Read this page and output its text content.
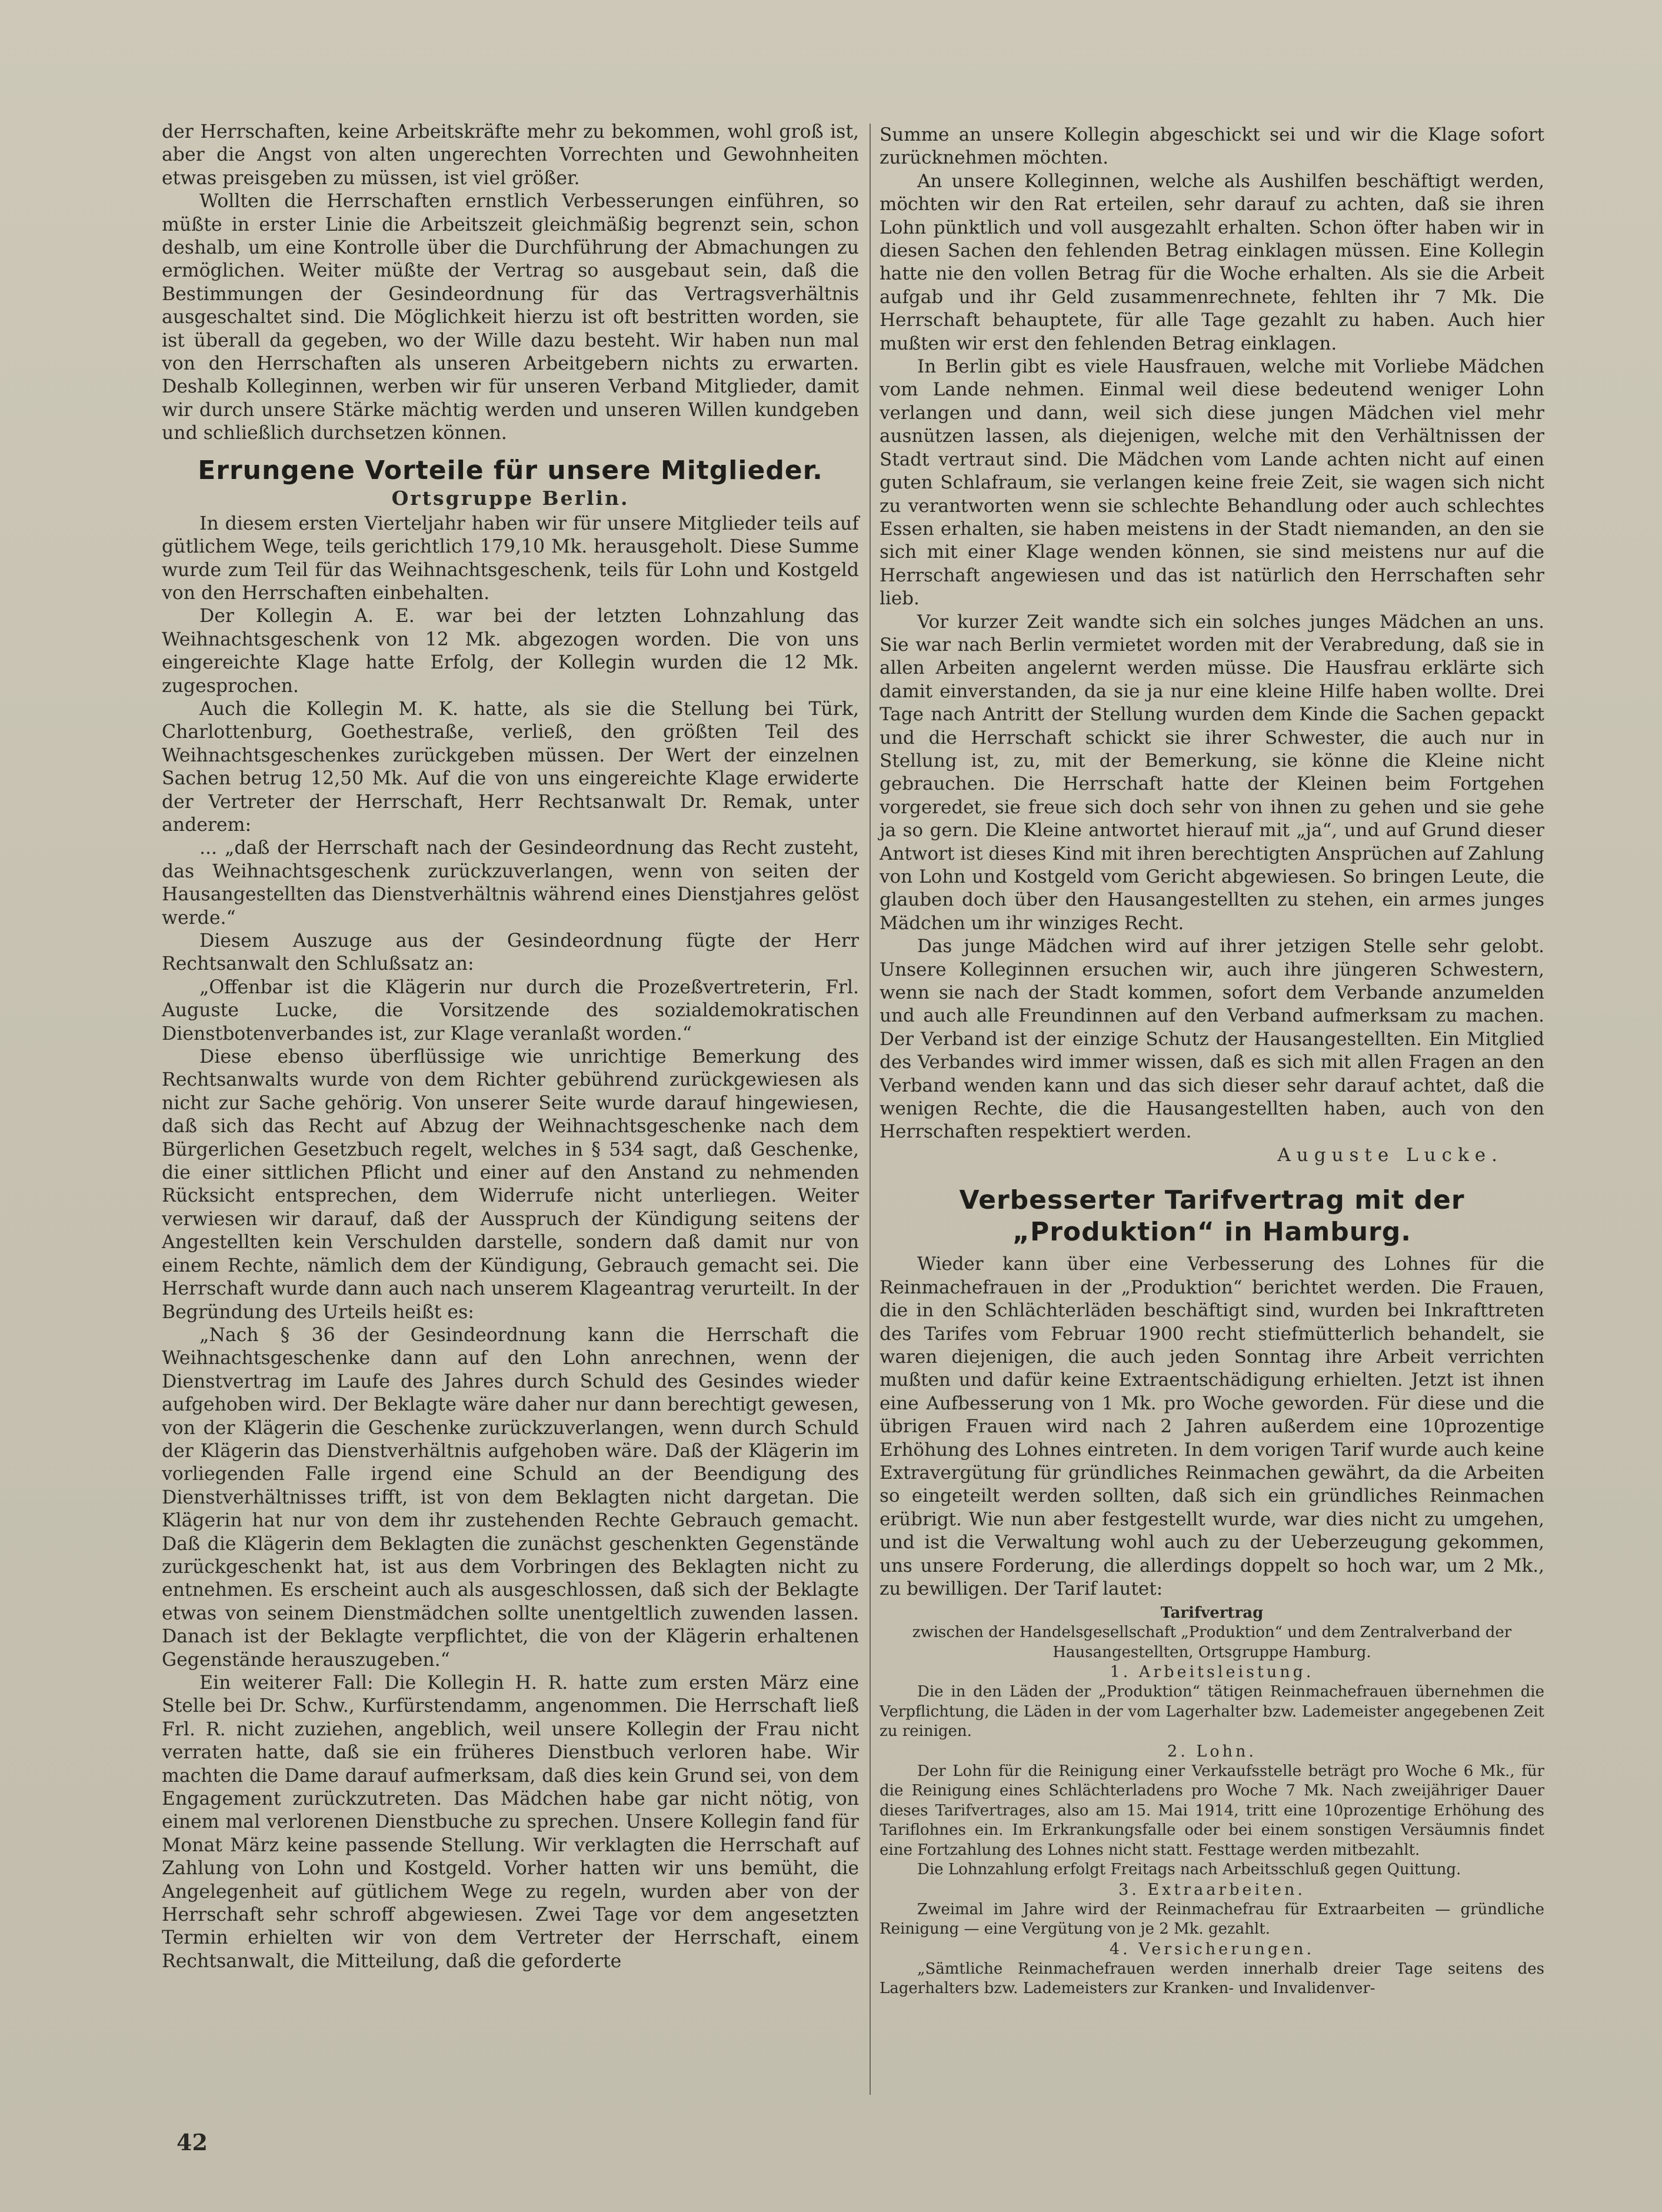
der Herrschaften, keine Arbeitskräfte mehr zu bekommen, wohl groß ist, aber die Angst von alten ungerechten Vorrechten und Gewohnheiten etwas preisgeben zu müssen, ist viel größer.

Wollten die Herrschaften ernstlich Verbesserungen einführen, so müßte in erster Linie die Arbeitszeit gleichmäßig begrenzt sein, schon deshalb, um eine Kontrolle über die Durchführung der Abmachungen zu ermöglichen. Weiter müßte der Vertrag so ausgebaut sein, daß die Bestimmungen der Gesindeordnung für das Vertragsverhältnis ausgeschaltet sind. Die Möglichkeit hierzu ist oft bestritten worden, sie ist überall da gegeben, wo der Wille dazu besteht. Wir haben nun mal von den Herrschaften als unseren Arbeitgebern nichts zu erwarten. Deshalb Kolleginnen, werben wir für unseren Verband Mitglieder, damit wir durch unsere Stärke mächtig werden und unseren Willen kundgeben und schließlich durchsetzen können.

Errungene Vorteile für unsere Mitglieder.
Ortsgruppe Berlin.

In diesem ersten Vierteljahr haben wir für unsere Mitglieder teils auf gütlichem Wege, teils gerichtlich 179,10 Mk. herausgeholt. Diese Summe wurde zum Teil für das Weihnachtsgeschenk, teils für Lohn und Kostgeld von den Herrschaften einbehalten.

Der Kollegin A. E. war bei der letzten Lohnzahlung das Weihnachtsgeschenk von 12 Mk. abgezogen worden. Die von uns eingereichte Klage hatte Erfolg, der Kollegin wurden die 12 Mk. zugesprochen.

Auch die Kollegin M. K. hatte, als sie die Stellung bei Türk, Charlottenburg, Goethestraße, verließ, den größten Teil des Weihnachtsgeschenkes zurückgeben müssen. Der Wert der einzelnen Sachen betrug 12,50 Mk. Auf die von uns eingereichte Klage erwiderte der Vertreter der Herrschaft, Herr Rechtsanwalt Dr. Remak, unter anderem:

... „daß der Herrschaft nach der Gesindeordnung das Recht zusteht, das Weihnachtsgeschenk zurückzuverlangen, wenn von seiten der Hausangestellten das Dienstverhältnis während eines Dienstjahres gelöst werde.“

Diesem Auszuge aus der Gesindeordnung fügte der Herr Rechtsanwalt den Schlußsatz an:

„Offenbar ist die Klägerin nur durch die Prozeßvertreterin, Frl. Auguste Lucke, die Vorsitzende des sozialdemokratischen Dienstbotenverbandes ist, zur Klage veranlaßt worden.“

Diese ebenso überflüssige wie unrichtige Bemerkung des Rechtsanwalts wurde von dem Richter gebührend zurückgewiesen als nicht zur Sache gehörig. Von unserer Seite wurde darauf hingewiesen, daß sich das Recht auf Abzug der Weihnachtsgeschenke nach dem Bürgerlichen Gesetzbuch regelt, welches in § 534 sagt, daß Geschenke, die einer sittlichen Pflicht und einer auf den Anstand zu nehmenden Rücksicht entsprechen, dem Widerrufe nicht unterliegen. Weiter verwiesen wir darauf, daß der Ausspruch der Kündigung seitens der Angestellten kein Verschulden darstelle, sondern daß damit nur von einem Rechte, nämlich dem der Kündigung, Gebrauch gemacht sei. Die Herrschaft wurde dann auch nach unserem Klageantrag verurteilt. In der Begründung des Urteils heißt es:

„Nach § 36 der Gesindeordnung kann die Herrschaft die Weihnachtsgeschenke dann auf den Lohn anrechnen, wenn der Dienstvertrag im Laufe des Jahres durch Schuld des Gesindes wieder aufgehoben wird. Der Beklagte wäre daher nur dann berechtigt gewesen, von der Klägerin die Geschenke zurückzuverlangen, wenn durch Schuld der Klägerin das Dienstverhältnis aufgehoben wäre. Daß der Klägerin im vorliegenden Falle irgend eine Schuld an der Beendigung des Dienstverhältnisses trifft, ist von dem Beklagten nicht dargetan. Die Klägerin hat nur von dem ihr zustehenden Rechte Gebrauch gemacht. Daß die Klägerin dem Beklagten die zunächst geschenkten Gegenstände zurückgeschenkt hat, ist aus dem Vorbringen des Beklagten nicht zu entnehmen. Es erscheint auch als ausgeschlossen, daß sich der Beklagte etwas von seinem Dienstmädchen sollte unentgeltlich zuwenden lassen. Danach ist der Beklagte verpflichtet, die von der Klägerin erhaltenen Gegenstände herauszugeben.“

Ein weiterer Fall: Die Kollegin H. R. hatte zum ersten März eine Stelle bei Dr. Schw., Kurfürstendamm, angenommen. Die Herrschaft ließ Frl. R. nicht zuziehen, angeblich, weil unsere Kollegin der Frau nicht verraten hatte, daß sie ein früheres Dienstbuch verloren habe. Wir machten die Dame darauf aufmerksam, daß dies kein Grund sei, von dem Engagement zurückzutreten. Das Mädchen habe gar nicht nötig, von einem mal verlorenen Dienstbuche zu sprechen. Unsere Kollegin fand für Monat März keine passende Stellung. Wir verklagten die Herrschaft auf Zahlung von Lohn und Kostgeld. Vorher hatten wir uns bemüht, die Angelegenheit auf gütlichem Wege zu regeln, wurden aber von der Herrschaft sehr schroff abgewiesen. Zwei Tage vor dem angesetzten Termin erhielten wir von dem Vertreter der Herrschaft, einem Rechtsanwalt, die Mitteilung, daß die geforderte

Summe an unsere Kollegin abgeschickt sei und wir die Klage sofort zurücknehmen möchten.

An unsere Kolleginnen, welche als Aushilfen beschäftigt werden, möchten wir den Rat erteilen, sehr darauf zu achten, daß sie ihren Lohn pünktlich und voll ausgezahlt erhalten. Schon öfter haben wir in diesen Sachen den fehlenden Betrag einklagen müssen. Eine Kollegin hatte nie den vollen Betrag für die Woche erhalten. Als sie die Arbeit aufgab und ihr Geld zusammenrechnete, fehlten ihr 7 Mk. Die Herrschaft behauptete, für alle Tage gezahlt zu haben. Auch hier mußten wir erst den fehlenden Betrag einklagen.

In Berlin gibt es viele Hausfrauen, welche mit Vorliebe Mädchen vom Lande nehmen. Einmal weil diese bedeutend weniger Lohn verlangen und dann, weil sich diese jungen Mädchen viel mehr ausnützen lassen, als diejenigen, welche mit den Verhältnissen der Stadt vertraut sind. Die Mädchen vom Lande achten nicht auf einen guten Schlafraum, sie verlangen keine freie Zeit, sie wagen sich nicht zu verantworten wenn sie schlechte Behandlung oder auch schlechtes Essen erhalten, sie haben meistens in der Stadt niemanden, an den sie sich mit einer Klage wenden können, sie sind meistens nur auf die Herrschaft angewiesen und das ist natürlich den Herrschaften sehr lieb.

Vor kurzer Zeit wandte sich ein solches junges Mädchen an uns. Sie war nach Berlin vermietet worden mit der Verabredung, daß sie in allen Arbeiten angelernt werden müsse. Die Hausfrau erklärte sich damit einverstanden, da sie ja nur eine kleine Hilfe haben wollte. Drei Tage nach Antritt der Stellung wurden dem Kinde die Sachen gepackt und die Herrschaft schickt sie ihrer Schwester, die auch nur in Stellung ist, zu, mit der Bemerkung, sie könne die Kleine nicht gebrauchen. Die Herrschaft hatte der Kleinen beim Fortgehen vorgeredet, sie freue sich doch sehr von ihnen zu gehen und sie gehe ja so gern. Die Kleine antwortet hierauf mit „ja“, und auf Grund dieser Antwort ist dieses Kind mit ihren berechtigten Ansprüchen auf Zahlung von Lohn und Kostgeld vom Gericht abgewiesen. So bringen Leute, die glauben doch über den Hausangestellten zu stehen, ein armes junges Mädchen um ihr winziges Recht.

Das junge Mädchen wird auf ihrer jetzigen Stelle sehr gelobt. Unsere Kolleginnen ersuchen wir, auch ihre jüngeren Schwestern, wenn sie nach der Stadt kommen, sofort dem Verbande anzumelden und auch alle Freundinnen auf den Verband aufmerksam zu machen. Der Verband ist der einzige Schutz der Hausangestellten. Ein Mitglied des Verbandes wird immer wissen, daß es sich mit allen Fragen an den Verband wenden kann und das sich dieser sehr darauf achtet, daß die wenigen Rechte, die die Hausangestellten haben, auch von den Herrschaften respektiert werden.

Auguste Lucke.

Verbesserter Tarifvertrag mit der „Produktion“ in Hamburg.

Wieder kann über eine Verbesserung des Lohnes für die Reinmachefrauen in der „Produktion“ berichtet werden. Die Frauen, die in den Schlächterläden beschäftigt sind, wurden bei Inkrafttreten des Tarifes vom Februar 1900 recht stiefmütterlich behandelt, sie waren diejenigen, die auch jeden Sonntag ihre Arbeit verrichten mußten und dafür keine Extraentschädigung erhielten. Jetzt ist ihnen eine Aufbesserung von 1 Mk. pro Woche geworden. Für diese und die übrigen Frauen wird nach 2 Jahren außerdem eine 10prozentige Erhöhung des Lohnes eintreten. In dem vorigen Tarif wurde auch keine Extravergütung für gründliches Reinmachen gewährt, da die Arbeiten so eingeteilt werden sollten, daß sich ein gründliches Reinmachen erübrigt. Wie nun aber festgestellt wurde, war dies nicht zu umgehen, und ist die Verwaltung wohl auch zu der Ueberzeugung gekommen, uns unsere Forderung, die allerdings doppelt so hoch war, um 2 Mk., zu bewilligen. Der Tarif lautet:

Tarifvertrag

zwischen der Handelsgesellschaft „Produktion“ und dem Zentralverband der Hausangestellten, Ortsgruppe Hamburg.

1. Arbeitsleistung.

Die in den Läden der „Produktion“ tätigen Reinmachefrauen übernehmen die Verpflichtung, die Läden in der vom Lagerhalter bzw. Lademeister angegebenen Zeit zu reinigen.

2. Lohn.

Der Lohn für die Reinigung einer Verkaufsstelle beträgt pro Woche 6 Mk., für die Reinigung eines Schlächterladens pro Woche 7 Mk. Nach zweijähriger Dauer dieses Tarifvertrages, also am 15. Mai 1914, tritt eine 10prozentige Erhöhung des Tariflohnes ein. Im Erkrankungsfalle oder bei einem sonstigen Versäumnis findet eine Fortzahlung des Lohnes nicht statt. Festtage werden mitbezahlt.

Die Lohnzahlung erfolgt Freitags nach Arbeitsschluß gegen Quittung.

3. Extraarbeiten.

Zweimal im Jahre wird der Reinmachefrau für Extraarbeiten — gründliche Reinigung — eine Vergütung von je 2 Mk. gezahlt.

4. Versicherungen.

„Sämtliche Reinmachefrauen werden innerhalb dreier Tage seitens des Lagerhalters bzw. Lademeisters zur Kranken- und Invalidenver-

42
